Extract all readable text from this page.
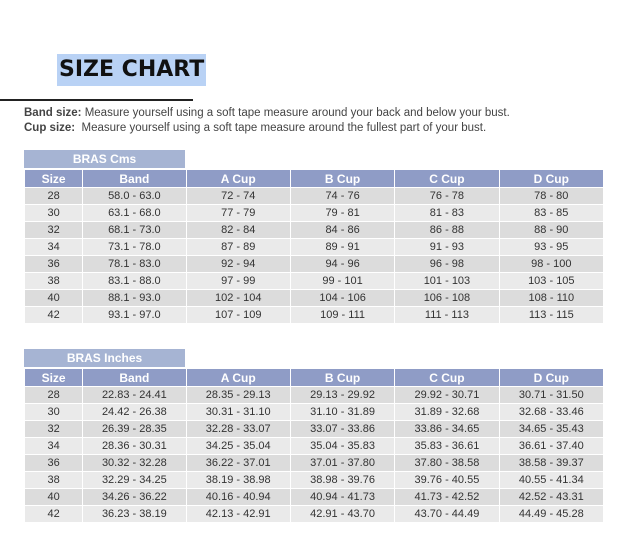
SIZE CHART
Band size: Measure yourself using a soft tape measure around your back and below your bust.
Cup size:  Measure yourself using a soft tape measure around the fullest part of your bust.
BRAS Cms
Size	Band	A Cup	B Cup	C Cup	D Cup
28	58.0 - 63.0	72 - 74	74 - 76	76 - 78	78 - 80
30	63.1 - 68.0	77 - 79	79 - 81	81 - 83	83 - 85
32	68.1 - 73.0	82 - 84	84 - 86	86 - 88	88 - 90
34	73.1 - 78.0	87 - 89	89 - 91	91 - 93	93 - 95
36	78.1 - 83.0	92 - 94	94 - 96	96 - 98	98 - 100
38	83.1 - 88.0	97 - 99	99 - 101	101 - 103	103 - 105
40	88.1 - 93.0	102 - 104	104 - 106	106 - 108	108 - 110
42	93.1 - 97.0	107 - 109	109 - 111	111 - 113	113 - 115
BRAS Inches
Size	Band	A Cup	B Cup	C Cup	D Cup
28	22.83 - 24.41	28.35 - 29.13	29.13 - 29.92	29.92 - 30.71	30.71 - 31.50
30	24.42 - 26.38	30.31 - 31.10	31.10 - 31.89	31.89 - 32.68	32.68 - 33.46
32	26.39 - 28.35	32.28 - 33.07	33.07 - 33.86	33.86 - 34.65	34.65 - 35.43
34	28.36 - 30.31	34.25 - 35.04	35.04 - 35.83	35.83 - 36.61	36.61 - 37.40
36	30.32 - 32.28	36.22 - 37.01	37.01 - 37.80	37.80 - 38.58	38.58 - 39.37
38	32.29 - 34.25	38.19 - 38.98	38.98 - 39.76	39.76 - 40.55	40.55 - 41.34
40	34.26 - 36.22	40.16 - 40.94	40.94 - 41.73	41.73 - 42.52	42.52 - 43.31
42	36.23 - 38.19	42.13 - 42.91	42.91 - 43.70	43.70 - 44.49	44.49 - 45.28
